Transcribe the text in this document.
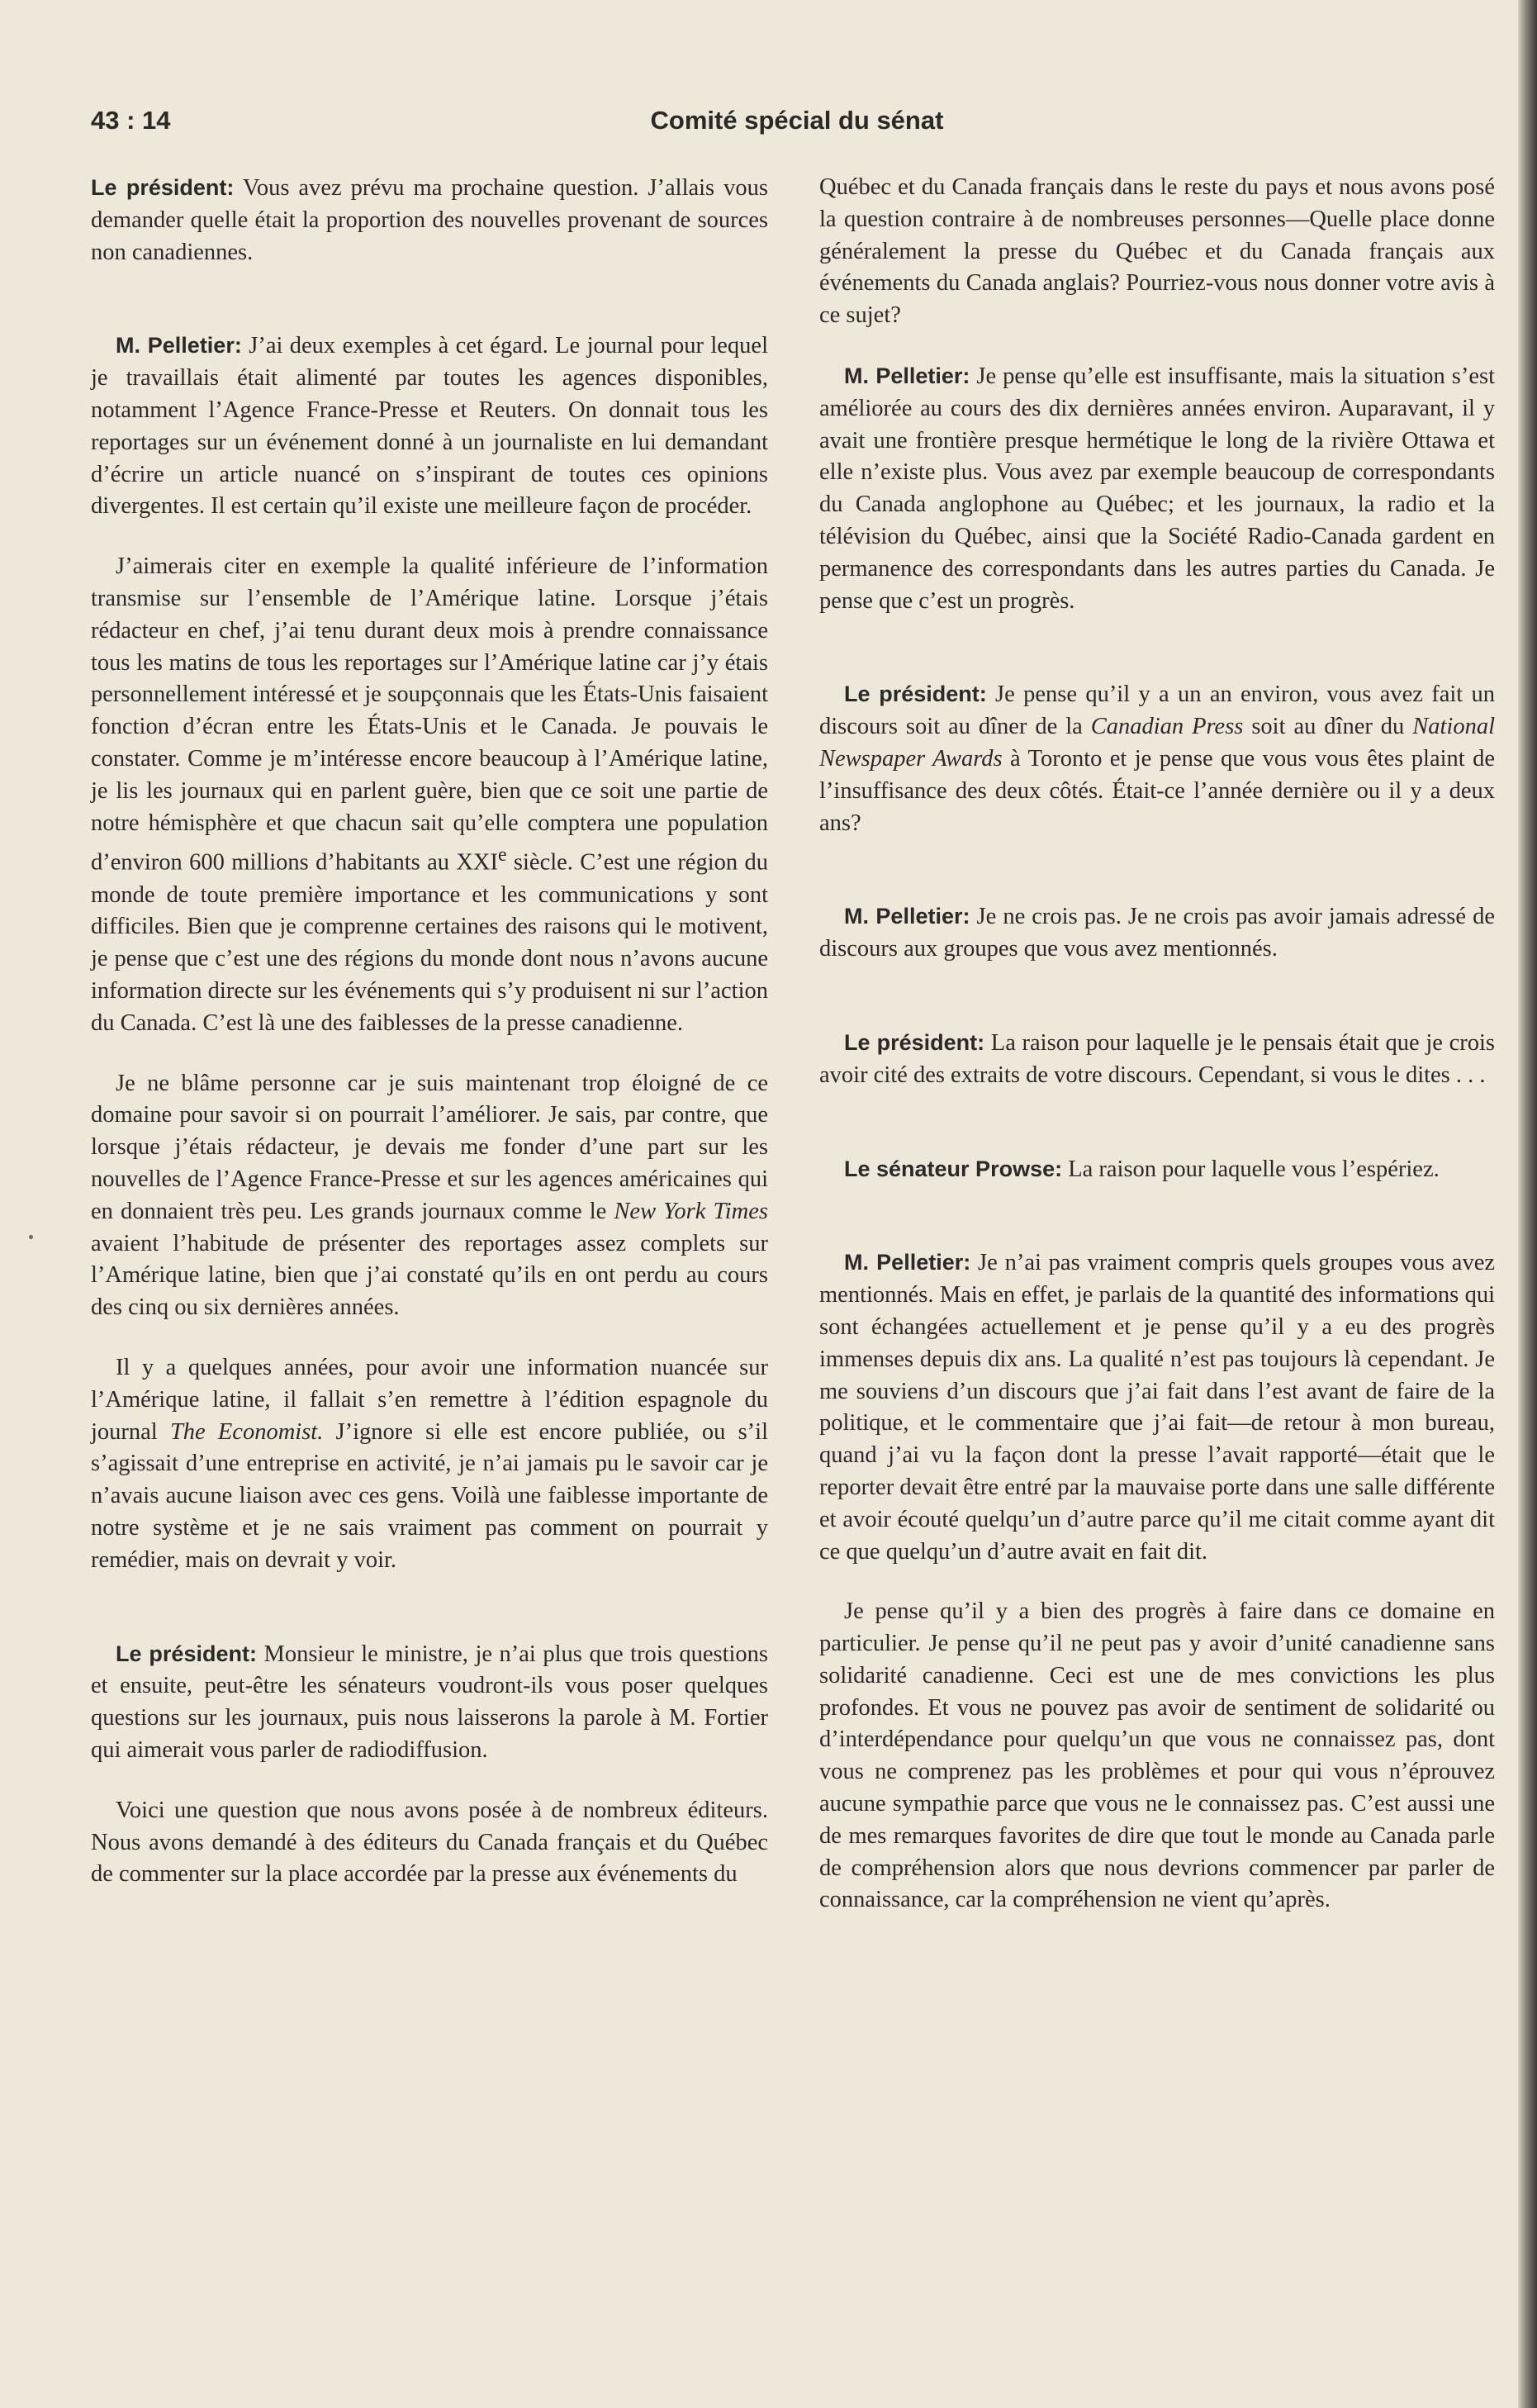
43 : 14	Comité spécial du sénat

Le président: Vous avez prévu ma prochaine question. J’allais vous demander quelle était la proportion des nouvelles provenant de sources non canadiennes.

M. Pelletier: J’ai deux exemples à cet égard. Le journal pour lequel je travaillais était alimenté par toutes les agences disponibles, notamment l’Agence France-Presse et Reuters. On donnait tous les reportages sur un événement donné à un journaliste en lui demandant d’écrire un article nuancé on s’inspirant de toutes ces opinions divergentes. Il est certain qu’il existe une meilleure façon de procéder.

J’aimerais citer en exemple la qualité inférieure de l’information transmise sur l’ensemble de l’Amérique latine. Lorsque j’étais rédacteur en chef, j’ai tenu durant deux mois à prendre connaissance tous les matins de tous les reportages sur l’Amérique latine car j’y étais personnellement intéressé et je soupçonnais que les États-Unis faisaient fonction d’écran entre les États-Unis et le Canada. Je pouvais le constater. Comme je m’intéresse encore beaucoup à l’Amérique latine, je lis les journaux qui en parlent guère, bien que ce soit une partie de notre hémisphère et que chacun sait qu’elle comptera une population d’environ 600 millions d’habitants au XXIe siècle. C’est une région du monde de toute première importance et les communications y sont difficiles. Bien que je comprenne certaines des raisons qui le motivent, je pense que c’est une des régions du monde dont nous n’avons aucune information directe sur les événements qui s’y produisent ni sur l’action du Canada. C’est là une des faiblesses de la presse canadienne.

Je ne blâme personne car je suis maintenant trop éloigné de ce domaine pour savoir si on pourrait l’améliorer. Je sais, par contre, que lorsque j’étais rédacteur, je devais me fonder d’une part sur les nouvelles de l’Agence France-Presse et sur les agences américaines qui en donnaient très peu. Les grands journaux comme le New York Times avaient l’habitude de présenter des reportages assez complets sur l’Amérique latine, bien que j’ai constaté qu’ils en ont perdu au cours des cinq ou six dernières années.

Il y a quelques années, pour avoir une information nuancée sur l’Amérique latine, il fallait s’en remettre à l’édition espagnole du journal The Economist. J’ignore si elle est encore publiée, ou s’il s’agissait d’une entreprise en activité, je n’ai jamais pu le savoir car je n’avais aucune liaison avec ces gens. Voilà une faiblesse importante de notre système et je ne sais vraiment pas comment on pourrait y remédier, mais on devrait y voir.

Le président: Monsieur le ministre, je n’ai plus que trois questions et ensuite, peut-être les sénateurs voudront-ils vous poser quelques questions sur les journaux, puis nous laisserons la parole à M. Fortier qui aimerait vous parler de radiodiffusion.

Voici une question que nous avons posée à de nombreux éditeurs. Nous avons demandé à des éditeurs du Canada français et du Québec de commenter sur la place accordée par la presse aux événements du

Québec et du Canada français dans le reste du pays et nous avons posé la question contraire à de nombreuses personnes—Quelle place donne généralement la presse du Québec et du Canada français aux événements du Canada anglais? Pourriez-vous nous donner votre avis à ce sujet?

M. Pelletier: Je pense qu’elle est insuffisante, mais la situation s’est améliorée au cours des dix dernières années environ. Auparavant, il y avait une frontière presque hermétique le long de la rivière Ottawa et elle n’existe plus. Vous avez par exemple beaucoup de correspondants du Canada anglophone au Québec; et les journaux, la radio et la télévision du Québec, ainsi que la Société Radio-Canada gardent en permanence des correspondants dans les autres parties du Canada. Je pense que c’est un progrès.

Le président: Je pense qu’il y a un an environ, vous avez fait un discours soit au dîner de la Canadian Press soit au dîner du National Newspaper Awards à Toronto et je pense que vous vous êtes plaint de l’insuffisance des deux côtés. Était-ce l’année dernière ou il y a deux ans?

M. Pelletier: Je ne crois pas. Je ne crois pas avoir jamais adressé de discours aux groupes que vous avez mentionnés.

Le président: La raison pour laquelle je le pensais était que je crois avoir cité des extraits de votre discours. Cependant, si vous le dites . . .

Le sénateur Prowse: La raison pour laquelle vous l’espériez.

M. Pelletier: Je n’ai pas vraiment compris quels groupes vous avez mentionnés. Mais en effet, je parlais de la quantité des informations qui sont échangées actuellement et je pense qu’il y a eu des progrès immenses depuis dix ans. La qualité n’est pas toujours là cependant. Je me souviens d’un discours que j’ai fait dans l’est avant de faire de la politique, et le commentaire que j’ai fait—de retour à mon bureau, quand j’ai vu la façon dont la presse l’avait rapporté—était que le reporter devait être entré par la mauvaise porte dans une salle différente et avoir écouté quelqu’un d’autre parce qu’il me citait comme ayant dit ce que quelqu’un d’autre avait en fait dit.

Je pense qu’il y a bien des progrès à faire dans ce domaine en particulier. Je pense qu’il ne peut pas y avoir d’unité canadienne sans solidarité canadienne. Ceci est une de mes convictions les plus profondes. Et vous ne pouvez pas avoir de sentiment de solidarité ou d’interdépendance pour quelqu’un que vous ne connaissez pas, dont vous ne comprenez pas les problèmes et pour qui vous n’éprouvez aucune sympathie parce que vous ne le connaissez pas. C’est aussi une de mes remarques favorites de dire que tout le monde au Canada parle de compréhension alors que nous devrions commencer par parler de connaissance, car la compréhension ne vient qu’après.
